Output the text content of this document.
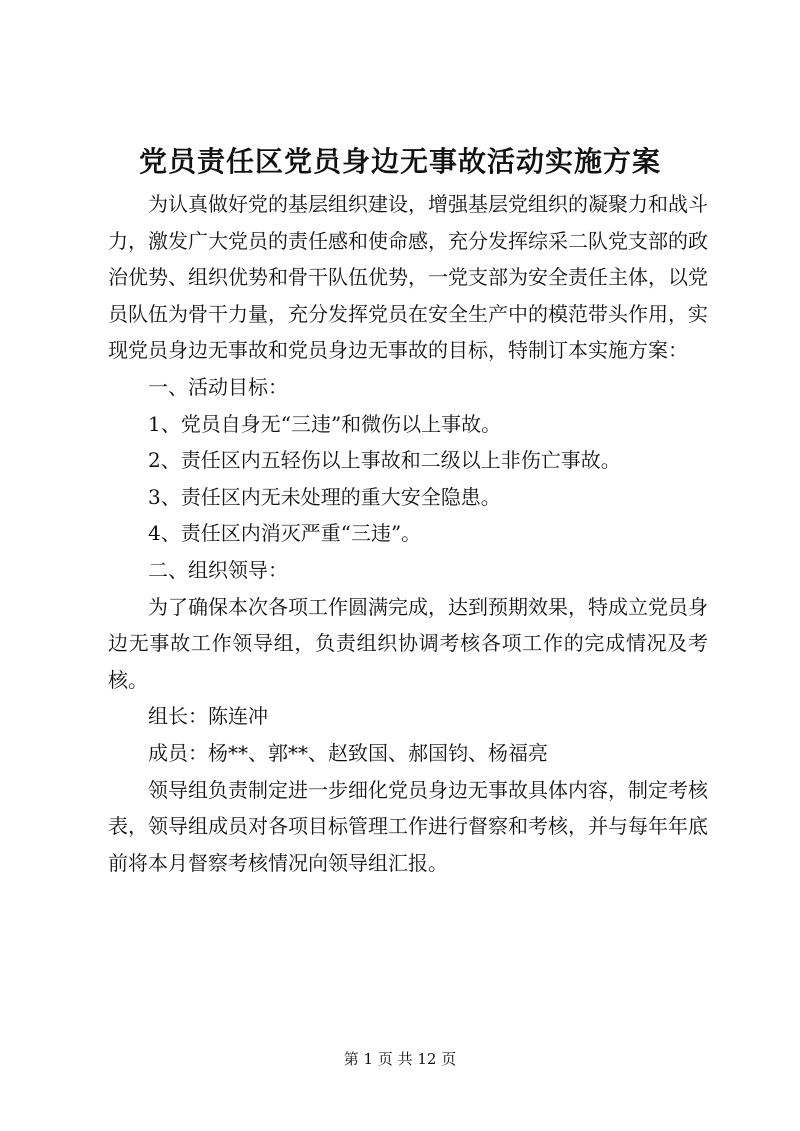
党员责任区党员身边无事故活动实施方案

为认真做好党的基层组织建设，增强基层党组织的凝聚力和战斗力，激发广大党员的责任感和使命感，充分发挥综采二队党支部的政治优势、组织优势和骨干队伍优势，一党支部为安全责任主体，以党员队伍为骨干力量，充分发挥党员在安全生产中的模范带头作用，实现党员身边无事故和党员身边无事故的目标，特制订本实施方案：

一、活动目标：

1、党员自身无“三违”和微伤以上事故。

2、责任区内五轻伤以上事故和二级以上非伤亡事故。

3、责任区内无未处理的重大安全隐患。

4、责任区内消灭严重“三违”。

二、组织领导：

为了确保本次各项工作圆满完成，达到预期效果，特成立党员身边无事故工作领导组，负责组织协调考核各项工作的完成情况及考核。

组长：陈连冲

成员：杨**、郭**、赵致国、郝国钧、杨福亮

领导组负责制定进一步细化党员身边无事故具体内容，制定考核表，领导组成员对各项目标管理工作进行督察和考核，并与每年年底前将本月督察考核情况向领导组汇报。

第 1 页 共 12 页
